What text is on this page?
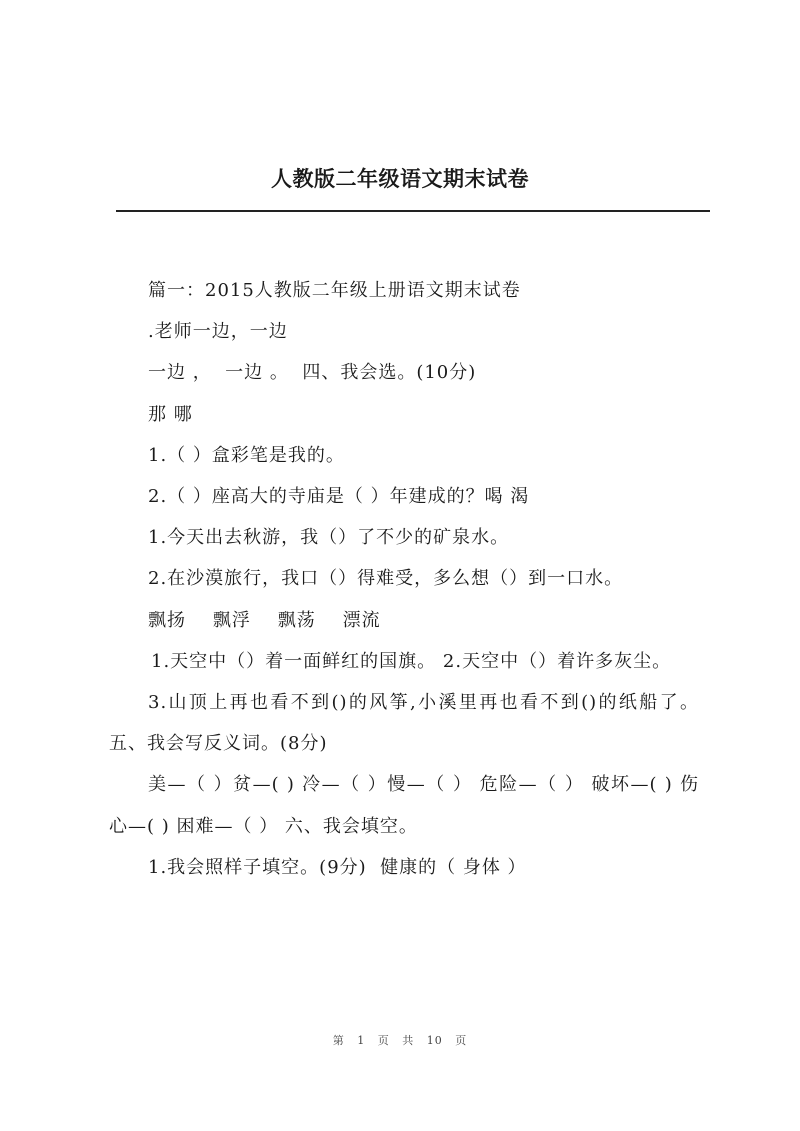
人教版二年级语文期末试卷

篇一：2015人教版二年级上册语文期末试卷

.老师一边，一边

一边 ，  一边 。  四、我会选。(10分)

那 哪

1.（ ）盒彩笔是我的。

2.（ ）座高大的寺庙是（ ）年建成的？喝 渴

1.今天出去秋游，我（）了不少的矿泉水。

2.在沙漠旅行，我口（）得难受，多么想（）到一口水。

飘扬    飘浮    飘荡    漂流

1.天空中（）着一面鲜红的国旗。 2.天空中（）着许多灰尘。

3.山顶上再也看不到()的风筝,小溪里再也看不到()的纸船了。 五、我会写反义词。(8分)

美—（ ）贫—( ) 冷—（ ）慢—（ ） 危险—（ ） 破坏—( ) 伤心—( ) 困难—（ ） 六、我会填空。

1.我会照样子填空。(9分)  健康的（ 身体 ）

第 1 页 共 10 页
